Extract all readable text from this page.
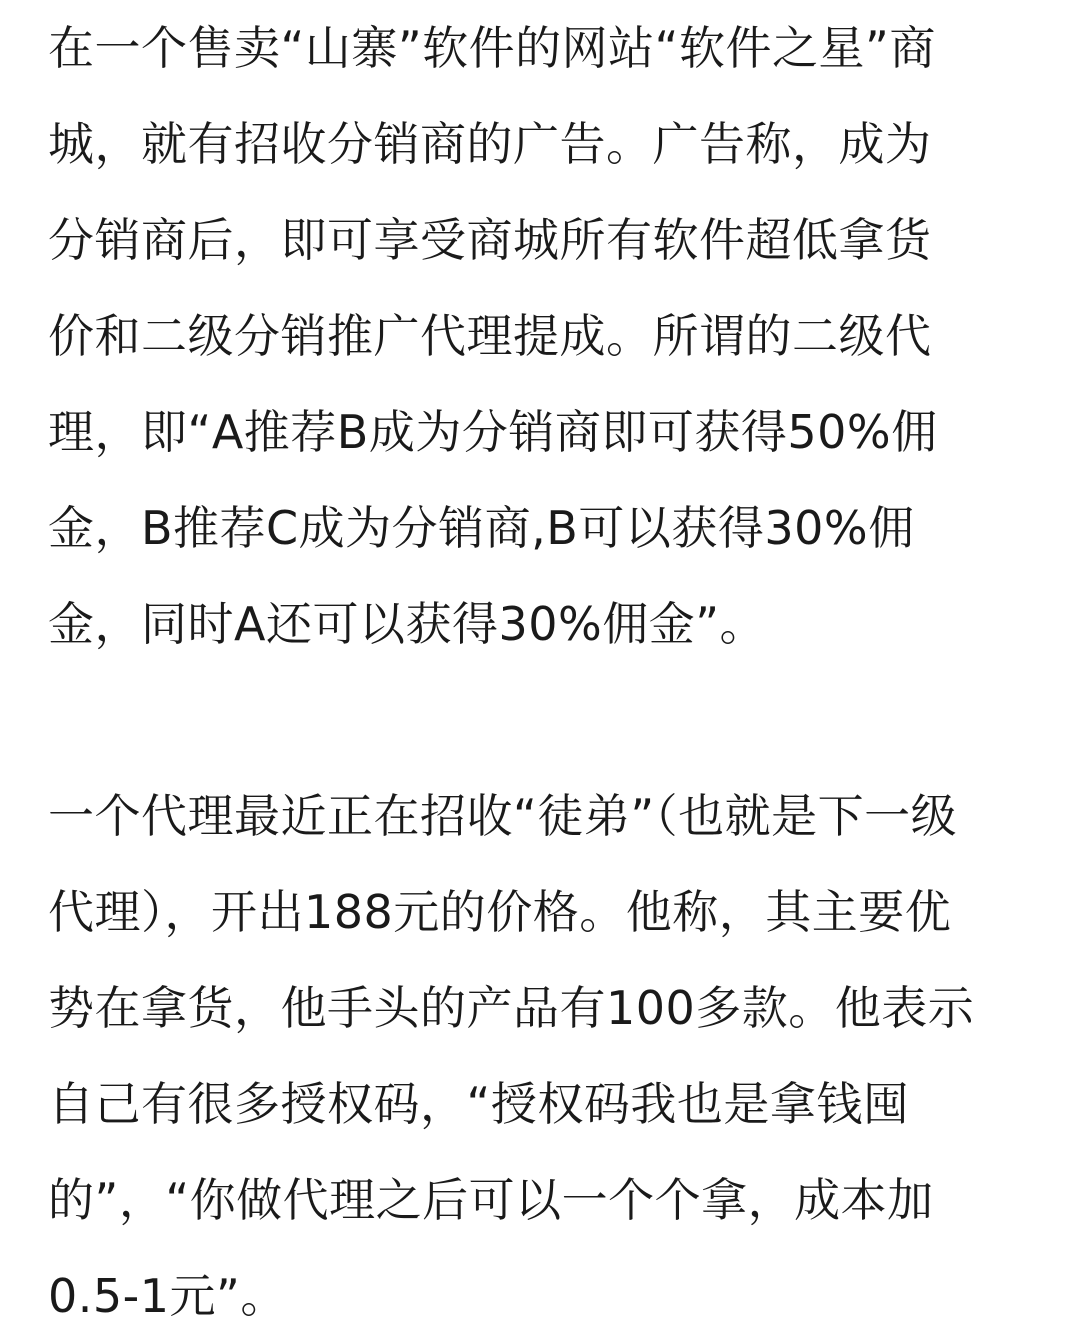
在一个售卖“山寨”软件的网站“软件之星”商
城，就有招收分销商的广告。广告称，成为
分销商后，即可享受商城所有软件超低拿货
价和二级分销推广代理提成。所谓的二级代
理，即“A推荐B成为分销商即可获得50%佣
金，B推荐C成为分销商,B可以获得30%佣
金，同时A还可以获得30%佣金”。
一个代理最近正在招收“徒弟”（也就是下一级
代理），开出188元的价格。他称，其主要优
势在拿货，他手头的产品有100多款。他表示
自己有很多授权码，“授权码我也是拿钱囤
的”，“你做代理之后可以一个个拿，成本加
0.5-1元”。
